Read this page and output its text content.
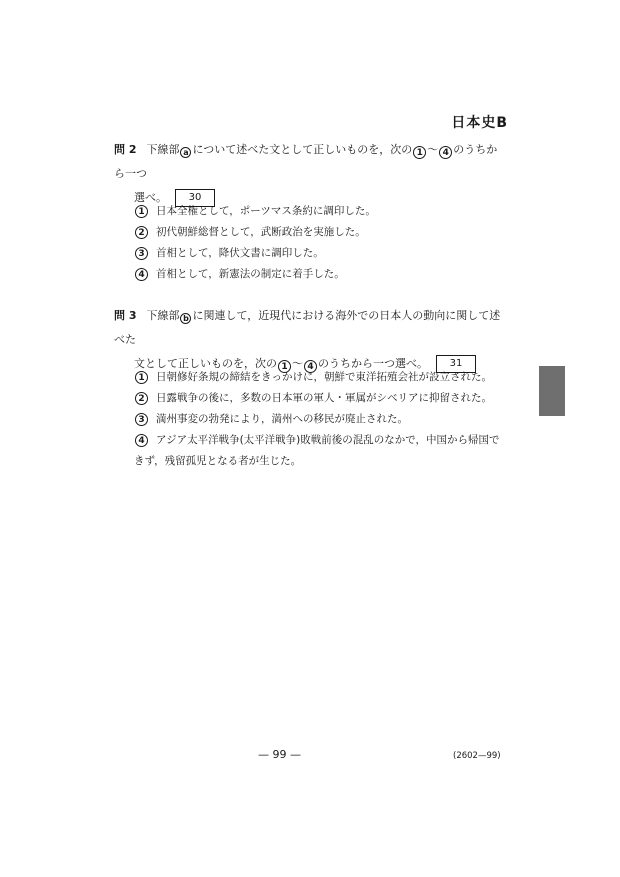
日本史B
問 2 下線部 a について述べた文として正しいものを，次の 1 ～ 4 のうちから一つ
選べ。 30
1	日本全権として，ポーツマス条約に調印した。
2	初代朝鮮総督として，武断政治を実施した。
3	首相として，降伏文書に調印した。
4	首相として，新憲法の制定に着手した。
問 3 下線部 b に関連して，近現代における海外での日本人の動向に関して述べた
文として正しいものを，次の 1 ～ 4 のうちから一つ選べ。 31
1	日朝修好条規の締結をきっかけに，朝鮮で東洋拓殖会社が設立された。
2	日露戦争の後に，多数の日本軍の軍人・軍属がシベリアに抑留された。
3	満州事変の勃発により，満州への移民が廃止された。
4	アジア太平洋戦争(太平洋戦争)敗戦前後の混乱のなかで，中国から帰国で
きず，残留孤児となる者が生じた。
— 99 —	(2602—99)
